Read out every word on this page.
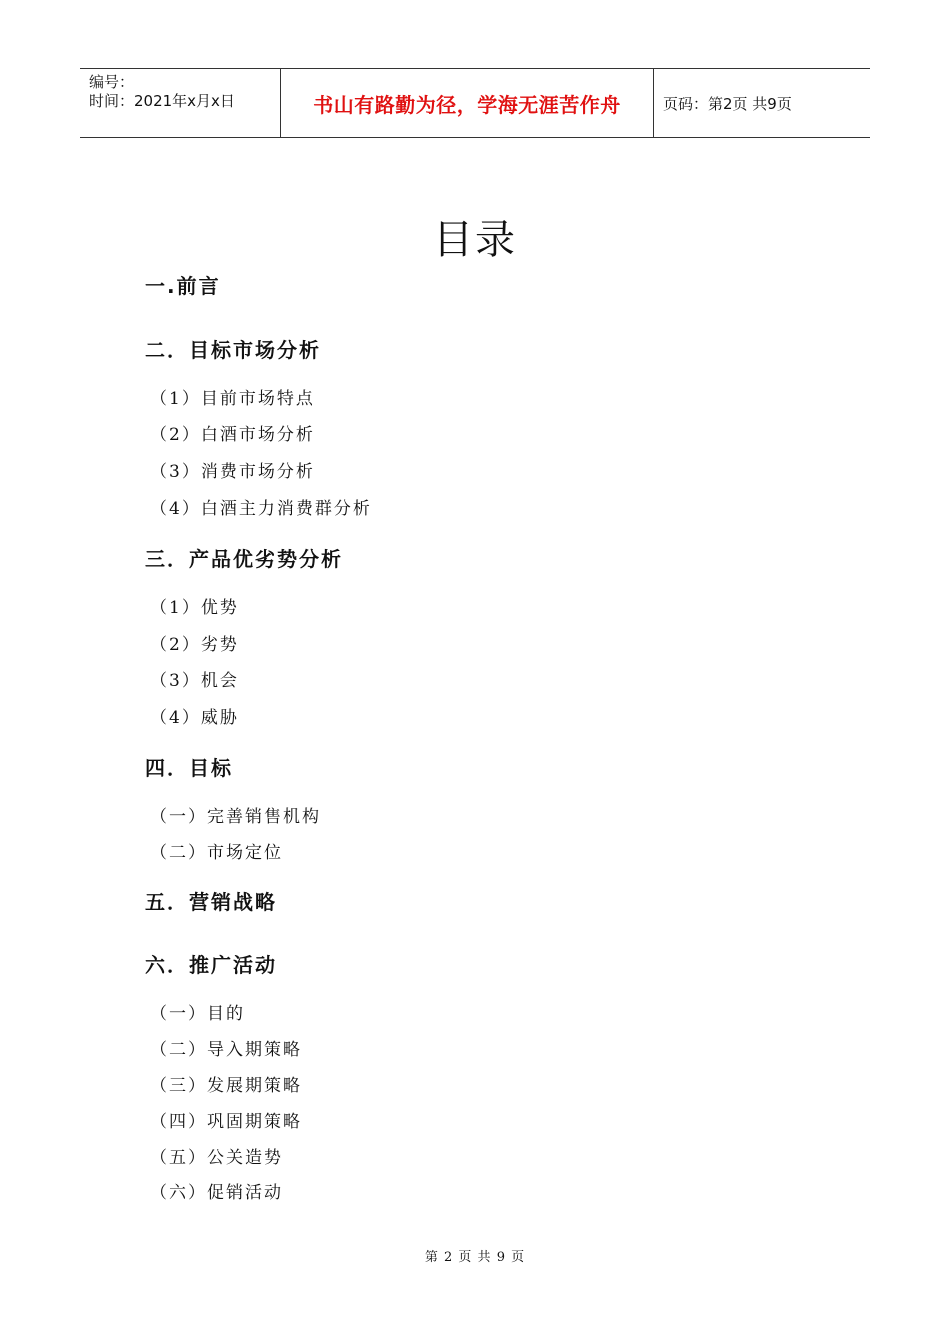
编号：
时间：2021年x月x日	书山有路勤为径，学海无涯苦作舟	页码：第2页 共9页
目录
一.前言
二．目标市场分析
（1）目前市场特点
（2）白酒市场分析
（3）消费市场分析
（4）白酒主力消费群分析
三．产品优劣势分析
（1）优势
（2）劣势
（3）机会
（4）威胁
四．目标
（一）完善销售机构
（二）市场定位
五．营销战略
六．推广活动
（一）目的
（二）导入期策略
（三）发展期策略
（四）巩固期策略
（五）公关造势
（六）促销活动
第 2 页 共 9 页
